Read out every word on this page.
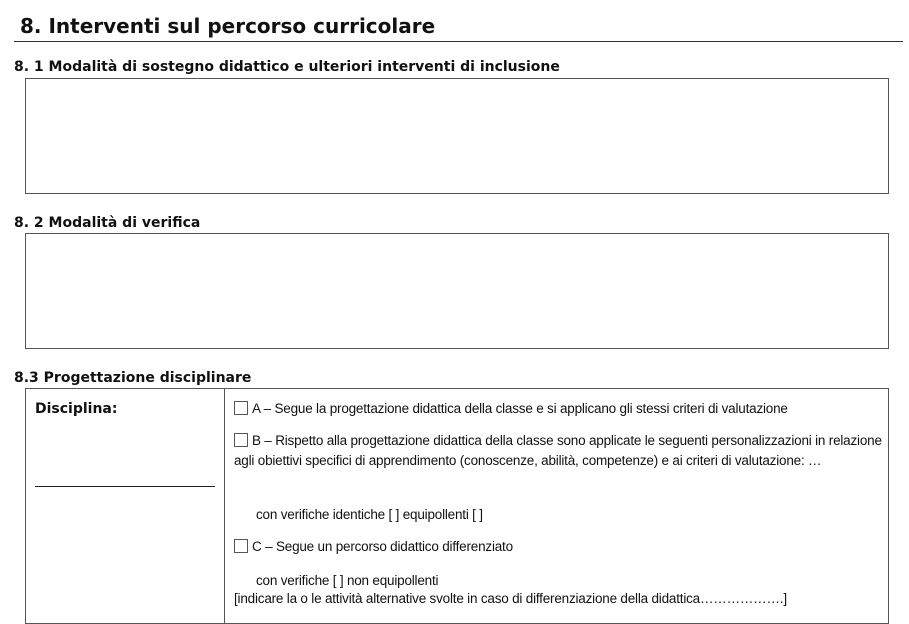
8. Interventi sul percorso curricolare
8. 1 Modalità di sostegno didattico e ulteriori interventi di inclusione
8. 2 Modalità di verifica
8.3 Progettazione disciplinare
Disciplina:	A – Segue la progettazione didattica della classe e si applicano gli stessi criteri di valutazione
B – Rispetto alla progettazione didattica della classe sono applicate le seguenti personalizzazioni in relazione agli obiettivi specifici di apprendimento (conoscenze, abilità, competenze) e ai criteri di valutazione: …
con verifiche identiche [ ] equipollenti [ ]
C – Segue un percorso didattico differenziato
con verifiche [ ] non equipollenti
[indicare la o le attività alternative svolte in caso di differenziazione della didattica……………….]
